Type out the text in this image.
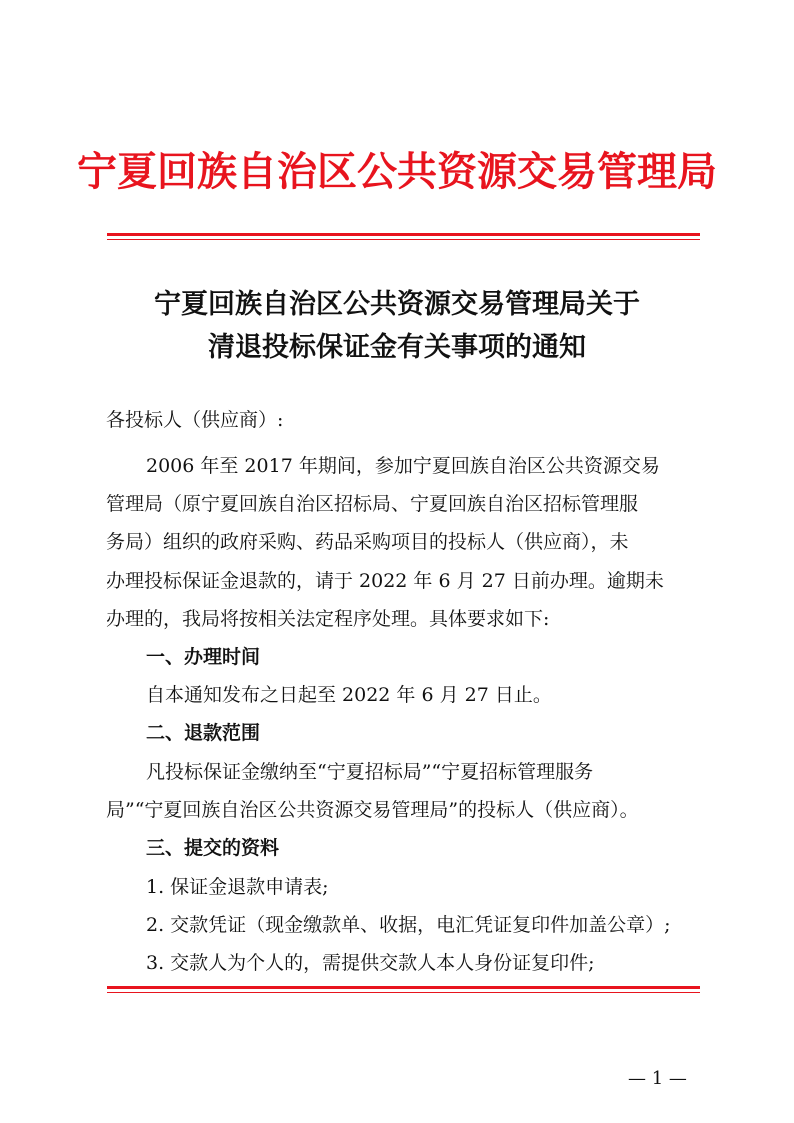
宁夏回族自治区公共资源交易管理局
宁夏回族自治区公共资源交易管理局关于
清退投标保证金有关事项的通知
各投标人（供应商）:
2006 年至 2017 年期间，参加宁夏回族自治区公共资源交易
管理局（原宁夏回族自治区招标局、宁夏回族自治区招标管理服
务局）组织的政府采购、药品采购项目的投标人（供应商），未
办理投标保证金退款的，请于 2022 年 6 月 27 日前办理。逾期未
办理的，我局将按相关法定程序处理。具体要求如下:
一、办理时间
自本通知发布之日起至 2022 年 6 月 27 日止。
二、退款范围
凡投标保证金缴纳至“宁夏招标局”“宁夏招标管理服务
局”“宁夏回族自治区公共资源交易管理局”的投标人（供应商）。
三、提交的资料
1. 保证金退款申请表;
2. 交款凭证（现金缴款单、收据，电汇凭证复印件加盖公章）;
3. 交款人为个人的，需提供交款人本人身份证复印件;
— 1 —
